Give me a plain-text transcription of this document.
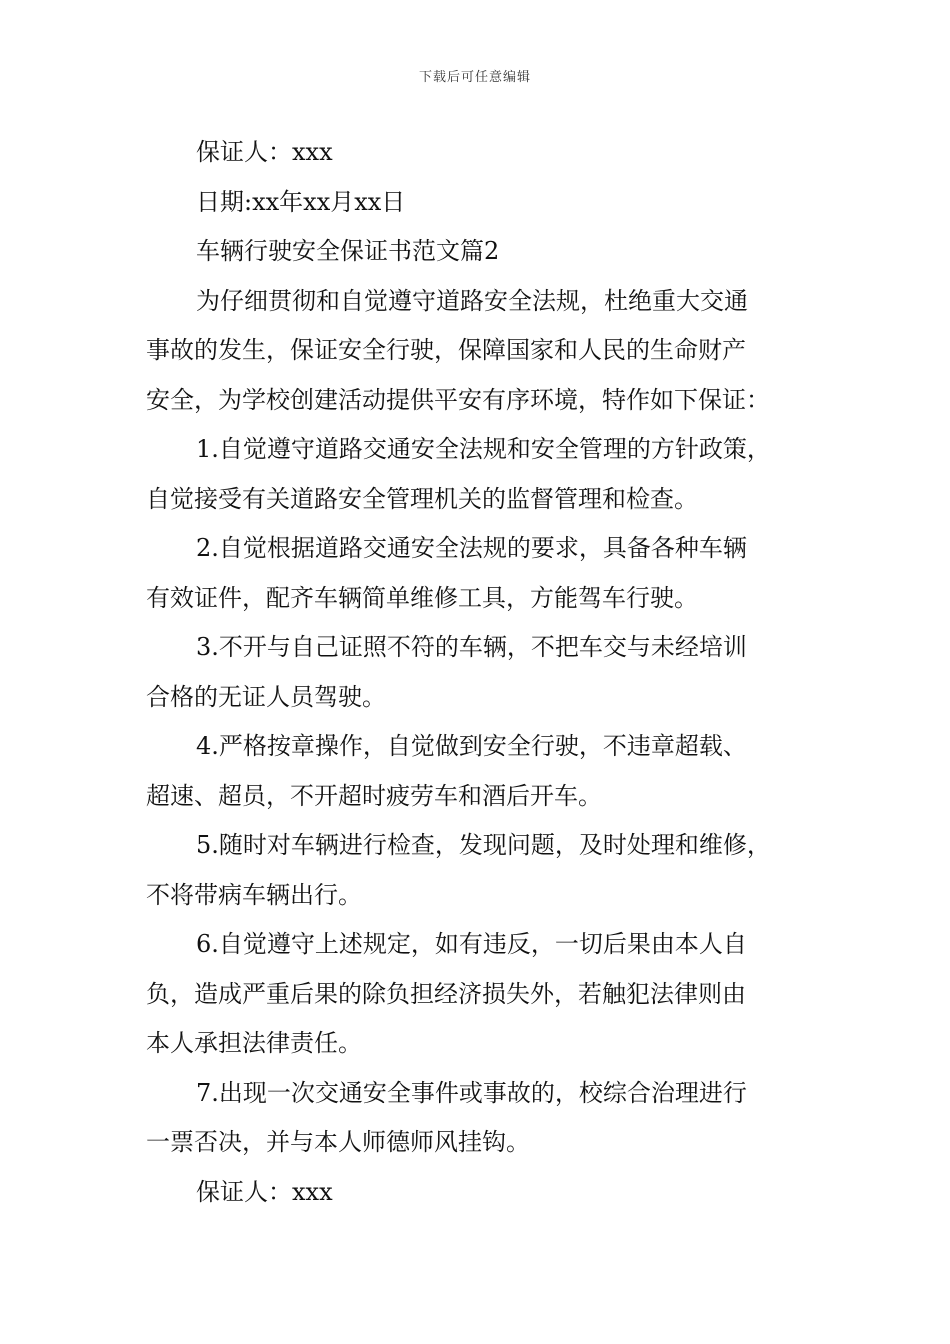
下载后可任意编辑

保证人：xxx

日期:xx年xx月xx日

车辆行驶安全保证书范文篇2

为仔细贯彻和自觉遵守道路安全法规，杜绝重大交通

事故的发生，保证安全行驶，保障国家和人民的生命财产

安全，为学校创建活动提供平安有序环境，特作如下保证：

1.自觉遵守道路交通安全法规和安全管理的方针政策，

自觉接受有关道路安全管理机关的监督管理和检查。

2.自觉根据道路交通安全法规的要求，具备各种车辆

有效证件，配齐车辆简单维修工具，方能驾车行驶。

3.不开与自己证照不符的车辆，不把车交与未经培训

合格的无证人员驾驶。

4.严格按章操作，自觉做到安全行驶，不违章超载、

超速、超员，不开超时疲劳车和酒后开车。

5.随时对车辆进行检查，发现问题，及时处理和维修，

不将带病车辆出行。

6.自觉遵守上述规定，如有违反，一切后果由本人自

负，造成严重后果的除负担经济损失外，若触犯法律则由

本人承担法律责任。

7.出现一次交通安全事件或事故的，校综合治理进行

一票否决，并与本人师德师风挂钩。

保证人：xxx
